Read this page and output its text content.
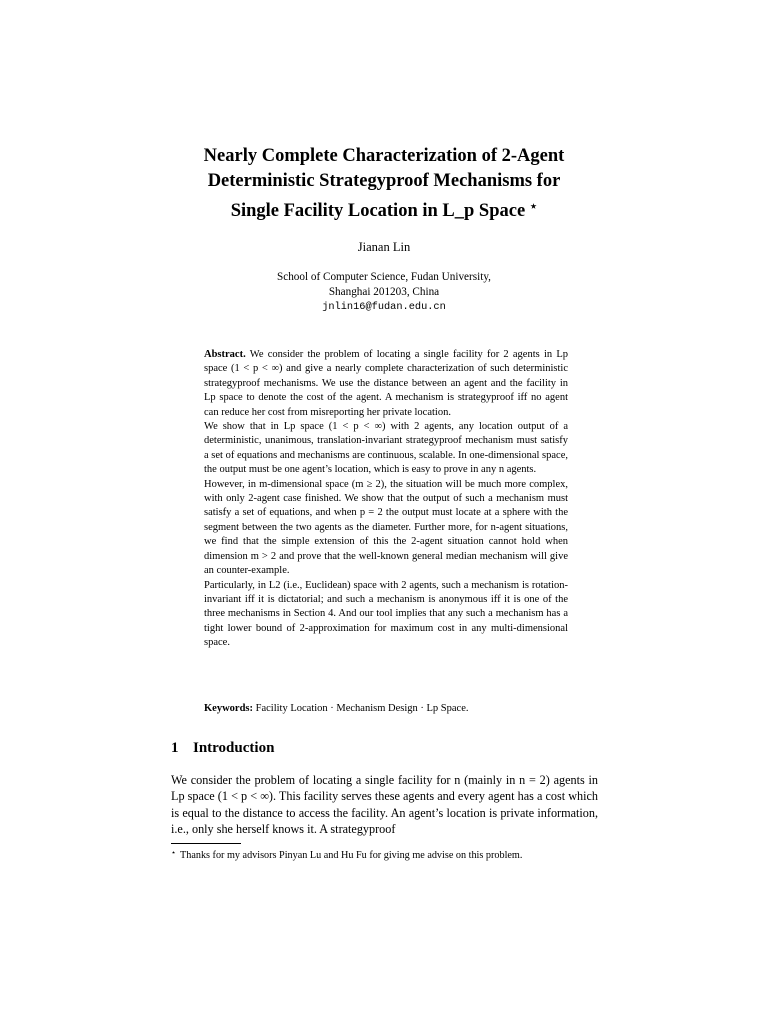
Nearly Complete Characterization of 2-Agent
Deterministic Strategyproof Mechanisms for
Single Facility Location in L_p Space ⋆
Jianan Lin
School of Computer Science, Fudan University,
Shanghai 201203, China
jnlin16@fudan.edu.cn

Abstract. We consider the problem of locating a single facility for 2 agents in Lp space (1 < p < ∞) and give a nearly complete characterization of such deterministic strategyproof mechanisms. We use the distance between an agent and the facility in Lp space to denote the cost of the agent. A mechanism is strategyproof iff no agent can reduce her cost from misreporting her private location.

We show that in Lp space (1 < p < ∞) with 2 agents, any location output of a deterministic, unanimous, translation-invariant strategyproof mechanism must satisfy a set of equations and mechanisms are continuous, scalable. In one-dimensional space, the output must be one agent’s location, which is easy to prove in any n agents.

However, in m-dimensional space (m ≥ 2), the situation will be much more complex, with only 2-agent case finished. We show that the output of such a mechanism must satisfy a set of equations, and when p = 2 the output must locate at a sphere with the segment between the two agents as the diameter. Further more, for n-agent situations, we find that the simple extension of this the 2-agent situation cannot hold when dimension m > 2 and prove that the well-known general median mechanism will give an counter-example.

Particularly, in L2 (i.e., Euclidean) space with 2 agents, such a mechanism is rotation-invariant iff it is dictatorial; and such a mechanism is anonymous iff it is one of the three mechanisms in Section 4. And our tool implies that any such a mechanism has a tight lower bound of 2-approximation for maximum cost in any multi-dimensional space.

Keywords: Facility Location · Mechanism Design · Lp Space.
1 Introduction

We consider the problem of locating a single facility for n (mainly in n = 2) agents in Lp space (1 < p < ∞). This facility serves these agents and every agent has a cost which is equal to the distance to access the facility. An agent’s location is private information, i.e., only she herself knows it. A strategyproof

⋆ Thanks for my advisors Pinyan Lu and Hu Fu for giving me advise on this problem.
